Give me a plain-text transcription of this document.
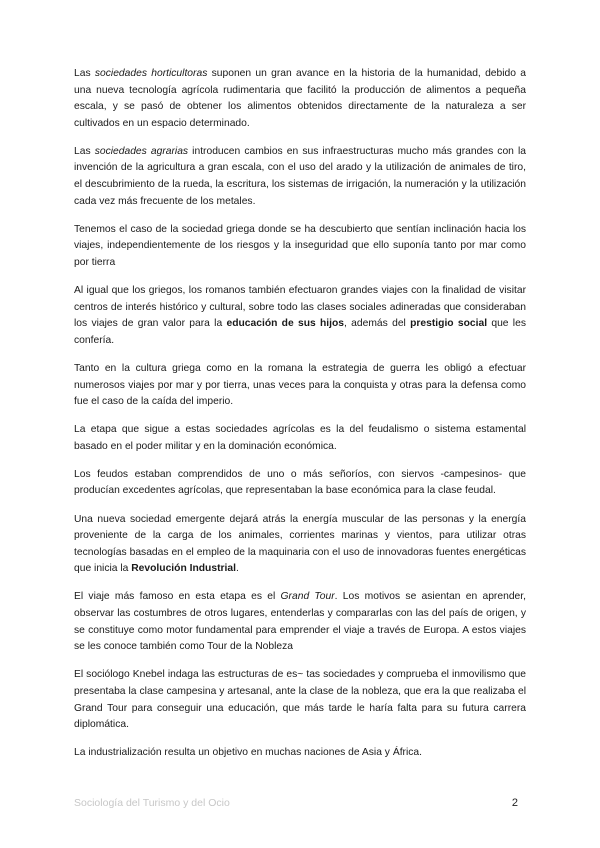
Las sociedades horticultoras suponen un gran avance en la historia de la humanidad, debido a una nueva tecnología agrícola rudimentaria que facilitó la producción de alimentos a pequeña escala, y se pasó de obtener los alimentos obtenidos directamente de la naturaleza a ser cultivados en un espacio determinado.

Las sociedades agrarias introducen cambios en sus infraestructuras mucho más grandes con la invención de la agricultura a gran escala, con el uso del arado y la utilización de animales de tiro, el descubrimiento de la rueda, la escritura, los sistemas de irrigación, la numeración y la utilización cada vez más frecuente de los metales.

Tenemos el caso de la sociedad griega donde se ha descubierto que sentían inclinación hacia los viajes, independientemente de los riesgos y la inseguridad que ello suponía tanto por mar como por tierra

Al igual que los griegos, los romanos también efectuaron grandes viajes con la finalidad de visitar centros de interés histórico y cultural, sobre todo las clases sociales adineradas que consideraban los viajes de gran valor para la educación de sus hijos, además del prestigio social que les confería.

Tanto en la cultura griega como en la romana la estrategia de guerra les obligó a efectuar numerosos viajes por mar y por tierra, unas veces para la conquista y otras para la defensa como fue el caso de la caída del imperio.

La etapa que sigue a estas sociedades agrícolas es la del feudalismo o sistema estamental basado en el poder militar y en la dominación económica.

Los feudos estaban comprendidos de uno o más señoríos, con siervos -campesinos- que producían excedentes agrícolas, que representaban la base económica para la clase feudal.

Una nueva sociedad emergente dejará atrás la energía muscular de las personas y la energía proveniente de la carga de los animales, corrientes marinas y vientos, para utilizar otras tecnologías basadas en el empleo de la maquinaria con el uso de innovadoras fuentes energéticas que inicia la Revolución Industrial.

El viaje más famoso en esta etapa es el Grand Tour. Los motivos se asientan en aprender, observar las costumbres de otros lugares, entenderlas y compararlas con las del país de origen, y se constituye como motor fundamental para emprender el viaje a través de Europa. A estos viajes se les conoce también como Tour de la Nobleza

El sociólogo Knebel indaga las estructuras de es~ tas sociedades y comprueba el inmovilismo que presentaba la clase campesina y artesanal, ante la clase de la nobleza, que era la que realizaba el Grand Tour para conseguir una educación, que más tarde le haría falta para su futura carrera diplomática.

La industrialización resulta un objetivo en muchas naciones de Asia y África.

Sociología del Turismo y del Ocio	2
